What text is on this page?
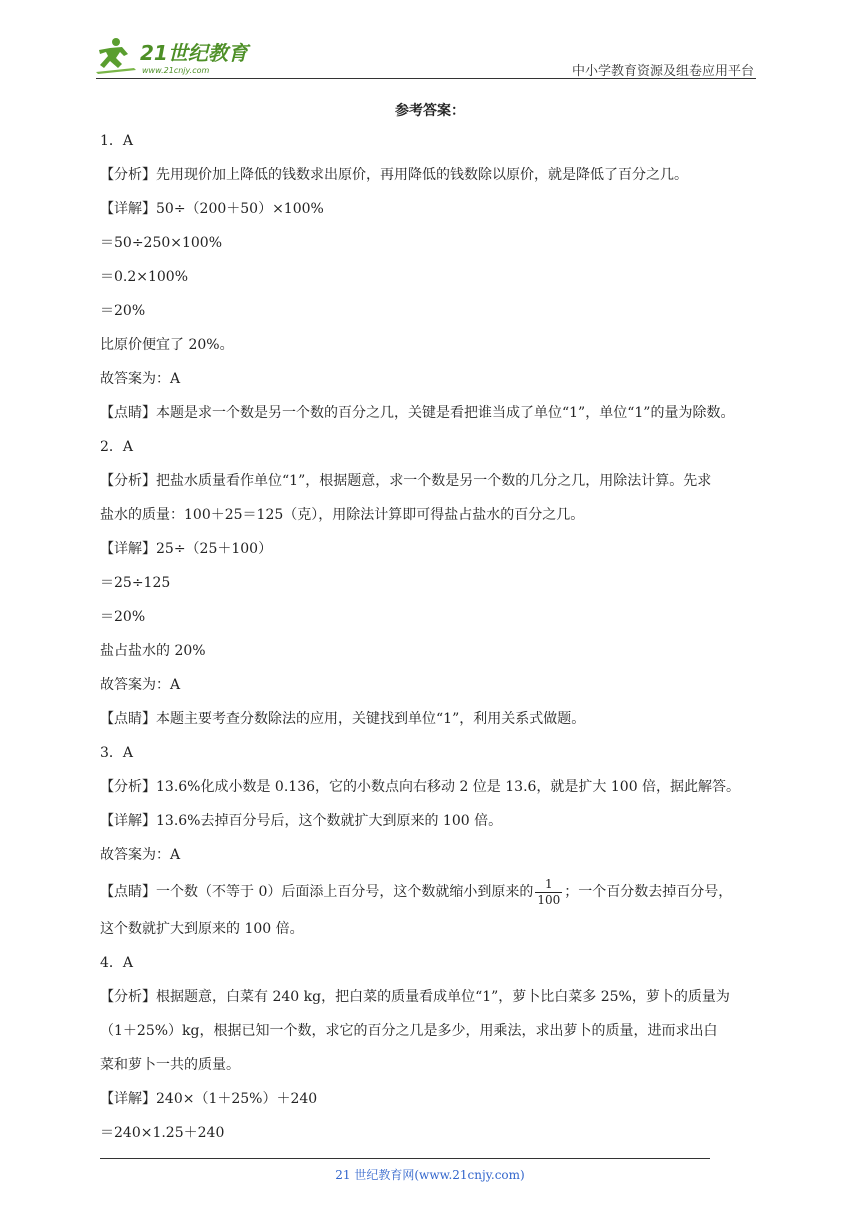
21世纪教育
www.21cnjy.com	中小学教育资源及组卷应用平台
参考答案：
1．A
【分析】先用现价加上降低的钱数求出原价，再用降低的钱数除以原价，就是降低了百分之几。
【详解】50÷（200＋50）×100%
＝50÷250×100%
＝0.2×100%
＝20%
比原价便宜了 20%。
故答案为：A
【点睛】本题是求一个数是另一个数的百分之几，关键是看把谁当成了单位“1”，单位“1”的量为除数。
2．A
【分析】把盐水质量看作单位“1”，根据题意，求一个数是另一个数的几分之几，用除法计算。先求
盐水的质量：100＋25＝125（克），用除法计算即可得盐占盐水的百分之几。
【详解】25÷（25＋100）
＝25÷125
＝20%
盐占盐水的 20%
故答案为：A
【点睛】本题主要考查分数除法的应用，关键找到单位“1”，利用关系式做题。
3．A
【分析】13.6%化成小数是 0.136，它的小数点向右移动 2 位是 13.6，就是扩大 100 倍，据此解答。
【详解】13.6%去掉百分号后，这个数就扩大到原来的 100 倍。
故答案为：A
【点睛】一个数（不等于 0）后面添上百分号，这个数就缩小到原来的 $\frac{1}{100}$ ；一个百分数去掉百分号，
这个数就扩大到原来的 100 倍。
4．A
【分析】根据题意，白菜有 240 kg，把白菜的质量看成单位“1”，萝卜比白菜多 25%，萝卜的质量为
（1＋25%）kg，根据已知一个数，求它的百分之几是多少，用乘法，求出萝卜的质量，进而求出白
菜和萝卜一共的质量。
【详解】240×（1＋25%）＋240
＝240×1.25＋240
21 世纪教育网(www.21cnjy.com)
